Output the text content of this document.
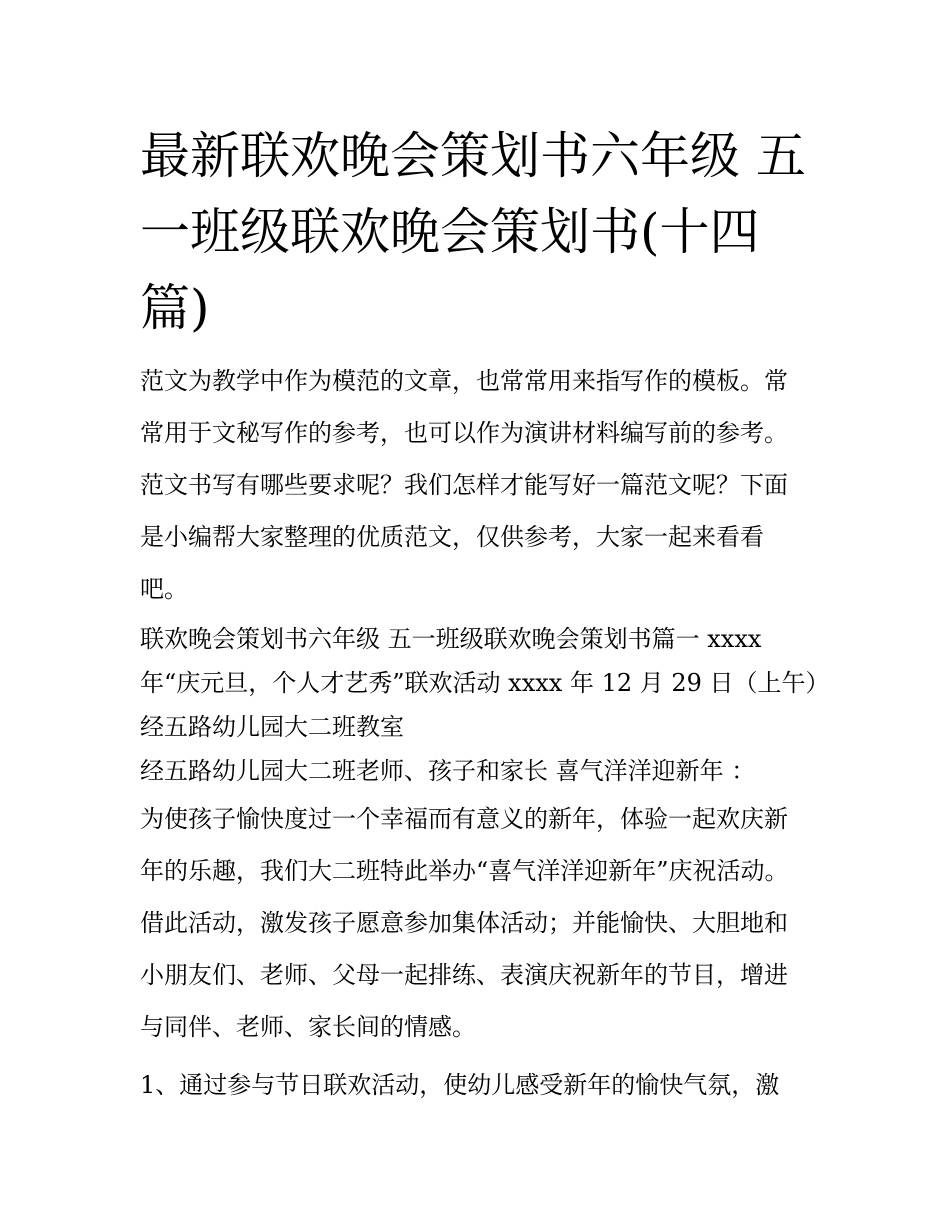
最新联欢晚会策划书六年级 五
一班级联欢晚会策划书(十四
篇)
范文为教学中作为模范的文章，也常常用来指写作的模板。常
常用于文秘写作的参考，也可以作为演讲材料编写前的参考。
范文书写有哪些要求呢？我们怎样才能写好一篇范文呢？下面
是小编帮大家整理的优质范文，仅供参考，大家一起来看看
吧。
联欢晚会策划书六年级 五一班级联欢晚会策划书篇一 xxxx
年“庆元旦，个人才艺秀”联欢活动 xxxx 年 12 月 29 日（上午）
经五路幼儿园大二班教室
经五路幼儿园大二班老师、孩子和家长 喜气洋洋迎新年 ：
为使孩子愉快度过一个幸福而有意义的新年，体验一起欢庆新
年的乐趣，我们大二班特此举办“喜气洋洋迎新年”庆祝活动。
借此活动，激发孩子愿意参加集体活动；并能愉快、大胆地和
小朋友们、老师、父母一起排练、表演庆祝新年的节目，增进
与同伴、老师、家长间的情感。
1、通过参与节日联欢活动，使幼儿感受新年的愉快气氛，激
